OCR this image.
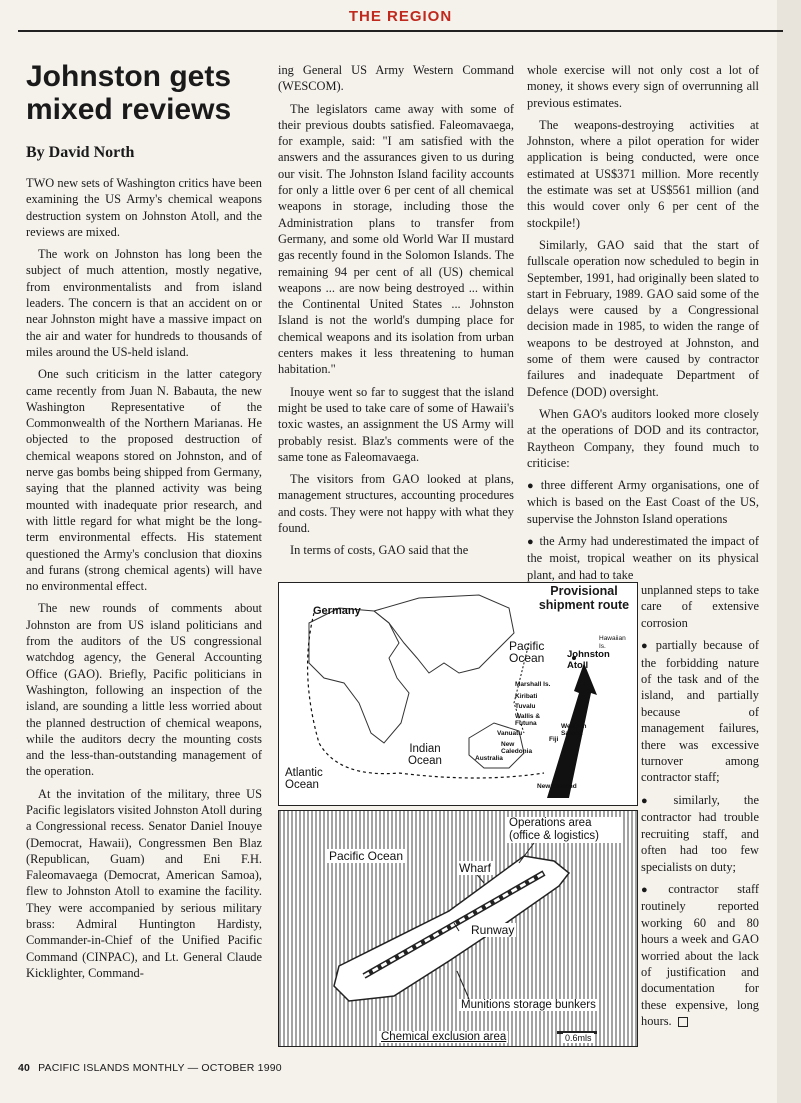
THE REGION
Johnston gets mixed reviews
By David North

TWO new sets of Washington critics have been examining the US Army's chemical weapons destruction system on Johnston Atoll, and the reviews are mixed.

The work on Johnston has long been the subject of much attention, mostly negative, from environmentalists and from island leaders. The concern is that an accident on or near Johnston might have a massive impact on the air and water for hundreds to thousands of miles around the US-held island.

One such criticism in the latter category came recently from Juan N. Babauta, the new Washington Representative of the Commonwealth of the Northern Marianas. He objected to the proposed destruction of chemical weapons stored on Johnston, and of nerve gas bombs being shipped from Germany, saying that the planned activity was being mounted with inadequate prior research, and with little regard for what might be the long-term environmental effects. His statement questioned the Army's conclusion that dioxins and furans (strong chemical agents) will have no environmental effect.

The new rounds of comments about Johnston are from US island politicians and from the auditors of the US congressional watchdog agency, the General Accounting Office (GAO). Briefly, Pacific politicians in Washington, following an inspection of the island, are sounding a little less worried about the planned destruction of chemical weapons, while the auditors decry the mounting costs and the less-than-outstanding management of the operation.

At the invitation of the military, three US Pacific legislators visited Johnston Atoll during a Congressional recess. Senator Daniel Inouye (Democrat, Hawaii), Congressmen Ben Blaz (Republican, Guam) and Eni F.H. Faleomavaega (Democrat, American Samoa), flew to Johnston Atoll to examine the facility. They were accompanied by serious military brass: Admiral Huntington Hardisty, Commander-in-Chief of the Unified Pacific Command (CINPAC), and Lt. General Claude Kicklighter, Command-

ing General US Army Western Command (WESCOM).

The legislators came away with some of their previous doubts satisfied. Faleomavaega, for example, said: "I am satisfied with the answers and the assurances given to us during our visit. The Johnston Island facility accounts for only a little over 6 per cent of all chemical weapons in storage, including those the Administration plans to transfer from Germany, and some old World War II mustard gas recently found in the Solomon Islands. The remaining 94 per cent of all (US) chemical weapons ... are now being destroyed ... within the Continental United States ... Johnston Island is not the world's dumping place for chemical weapons and its isolation from urban centers makes it less threatening to human habitation."

Inouye went so far to suggest that the island might be used to take care of some of Hawaii's toxic wastes, an assignment the US Army will probably resist. Blaz's comments were of the same tone as Faleomavaega.

The visitors from GAO looked at plans, management structures, accounting procedures and costs. They were not happy with what they found.

In terms of costs, GAO said that the

whole exercise will not only cost a lot of money, it shows every sign of overrunning all previous estimates.

The weapons-destroying activities at Johnston, where a pilot operation for wider application is being conducted, were once estimated at US$371 million. More recently the estimate was set at US$561 million (and this would cover only 6 per cent of the stockpile!)

Similarly, GAO said that the start of fullscale operation now scheduled to begin in September, 1991, had originally been slated to start in February, 1989. GAO said some of the delays were caused by a Congressional decision made in 1985, to widen the range of weapons to be destroyed at Johnston, and some of them were caused by contractor failures and inadequate Department of Defence (DOD) oversight.

When GAO's auditors looked more closely at the operations of DOD and its contractor, Raytheon Company, they found much to criticise:

● three different Army organisations, one of which is based on the East Coast of the US, supervise the Johnston Island operations

● the Army had underestimated the impact of the moist, tropical weather on its physical plant, and had to take

unplanned steps to take care of extensive corrosion

● partially because of the forbidding nature of the task and of the island, and partially because of management failures, there was excessive turnover among contractor staff;

● similarly, the contractor had trouble recruiting staff, and often had too few specialists on duty;

● contractor staff routinely reported working 60 and 80 hours a week and GAO worried about the lack of justification and documentation for these expensive, long hours.

Germany
Pacific Ocean
Hawaiian Is.
Johnston Atoll
Marshall Is.
Kiribati
Tuvalu
Wallis & Futuna
Vanuatu
Western Samoa
Fiji
New Caledonia
Australia
New Zealand
Indian Ocean
Atlantic Ocean
Provisional shipment route
Operations area (office & logistics)
Pacific Ocean
Wharf
Runway
Munitions storage bunkers
Chemical exclusion area	0.6mls
40 PACIFIC ISLANDS MONTHLY — OCTOBER 1990
